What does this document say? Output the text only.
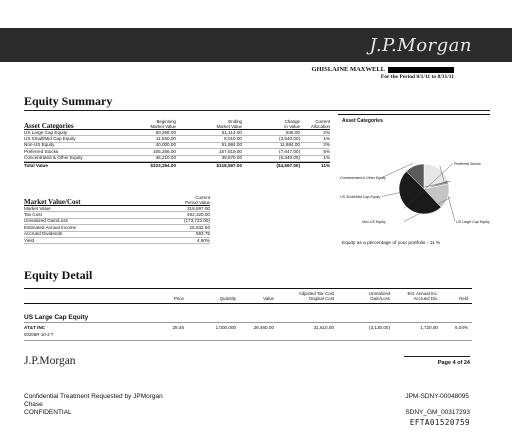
J.P.Morgan
GHISLAINE MAXWELL
For the Period 8/1/11 to 8/31/11
Equity Summary
Asset Categories
Beginning
Market Value
Ending
Market Value
Change
In Value
Current
Allocation
US Large Cap Equity	60,268.00	61,114.00	846.00	2%
US Small/Mid Cap Equity	11,550.00	8,010.00	(3,540.00)	1%
Non-US Equity	40,000.00	51,984.00	11,984.00	2%
Preferred Stocks	165,266.00	157,619.00	(7,647.00)	5%
Concentrated & Other Equity	46,210.00	39,870.00	(6,340.00)	1%
Total Value	$323,294.00	$318,597.00	($4,697.00)	11%
Market Value/Cost
Current
Period Value
Market Value	318,597.00
Tax Cost	492,320.00
Unrealized Gain/Loss	(173,723.00)
Estimated Annual Income	15,632.50
Accrued Dividends	593.75
Yield	4.90%
Asset Categories
US Large Cap Equity
US Small/Mid Cap Equity
Non-US Equity
Preferred Stocks
Concentrated & Other Equity
Equity as a percentage of your portfolio - 11 %
Equity Detail
Price	Quantity	Value
Adjusted Tax Cost
Original Cost
Unrealized
Gain/Loss
Est. Annual Inc.
Accrued Div.	Yield
US Large Cap Equity
AT&T INC	28.46	1,000.000	28,460.00	31,610.00	(3,130.00)	1,720.00	6.04%
00206R-10-2 T
J.P.Morgan	Page 4 of 24
Confidential Treatment Requested by JPMorgan
Chase
CONFIDENTIAL
JPM-SDNY-00048095
SDNY_GM_00317293
EFTA01520759
